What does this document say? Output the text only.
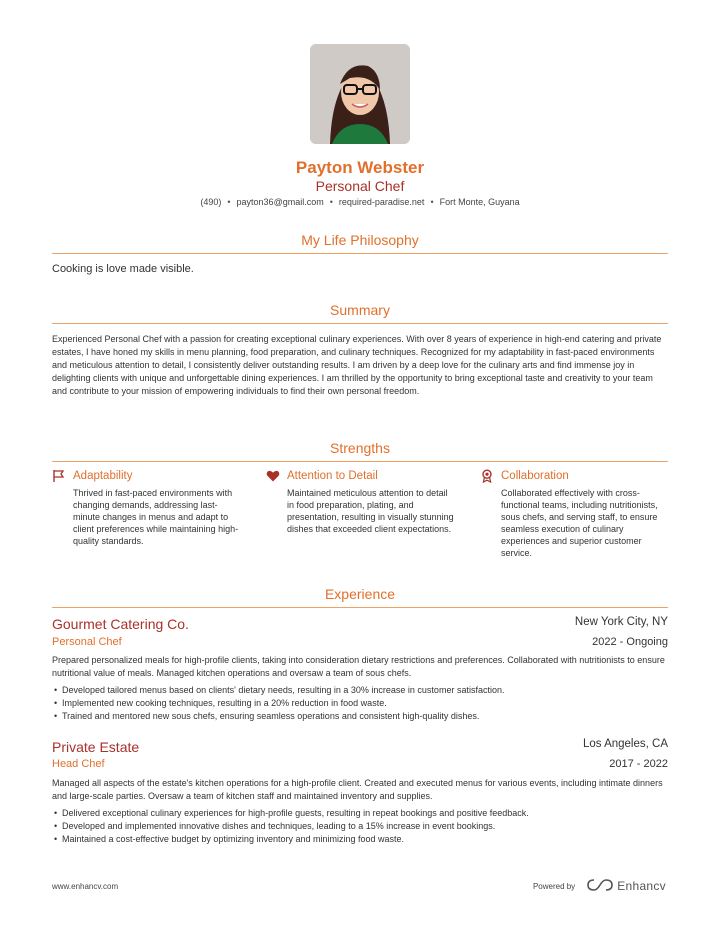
Payton Webster
Personal Chef
(490) • payton36@gmail.com • required-paradise.net • Fort Monte, Guyana
My Life Philosophy
Cooking is love made visible.
Summary
Experienced Personal Chef with a passion for creating exceptional culinary experiences. With over 8 years of experience in high-end catering and private estates, I have honed my skills in menu planning, food preparation, and culinary techniques. Recognized for my adaptability in fast-paced environments and meticulous attention to detail, I consistently deliver outstanding results. I am driven by a deep love for the culinary arts and find immense joy in delighting clients with unique and unforgettable dining experiences. I am thrilled by the opportunity to bring exceptional taste and creativity to your team and contribute to your mission of empowering individuals to find their own personal freedom.
Strengths
Adaptability
Thrived in fast-paced environments with changing demands, addressing last-minute changes in menus and adapt to client preferences while maintaining high-quality standards.
Attention to Detail
Maintained meticulous attention to detail in food preparation, plating, and presentation, resulting in visually stunning dishes that exceeded client expectations.
Collaboration
Collaborated effectively with cross-functional teams, including nutritionists, sous chefs, and serving staff, to ensure seamless execution of culinary experiences and superior customer service.
Experience
Gourmet Catering Co.	New York City, NY
Personal Chef	2022 - Ongoing
Prepared personalized meals for high-profile clients, taking into consideration dietary restrictions and preferences. Collaborated with nutritionists to ensure nutritional value of meals. Managed kitchen operations and oversaw a team of sous chefs.
• Developed tailored menus based on clients' dietary needs, resulting in a 30% increase in customer satisfaction.
• Implemented new cooking techniques, resulting in a 20% reduction in food waste.
• Trained and mentored new sous chefs, ensuring seamless operations and consistent high-quality dishes.
Private Estate	Los Angeles, CA
Head Chef	2017 - 2022
Managed all aspects of the estate's kitchen operations for a high-profile client. Created and executed menus for various events, including intimate dinners and large-scale parties. Oversaw a team of kitchen staff and maintained inventory and supplies.
• Delivered exceptional culinary experiences for high-profile guests, resulting in repeat bookings and positive feedback.
• Developed and implemented innovative dishes and techniques, leading to a 15% increase in event bookings.
• Maintained a cost-effective budget by optimizing inventory and minimizing food waste.
www.enhancv.com	Powered by	Enhancv
